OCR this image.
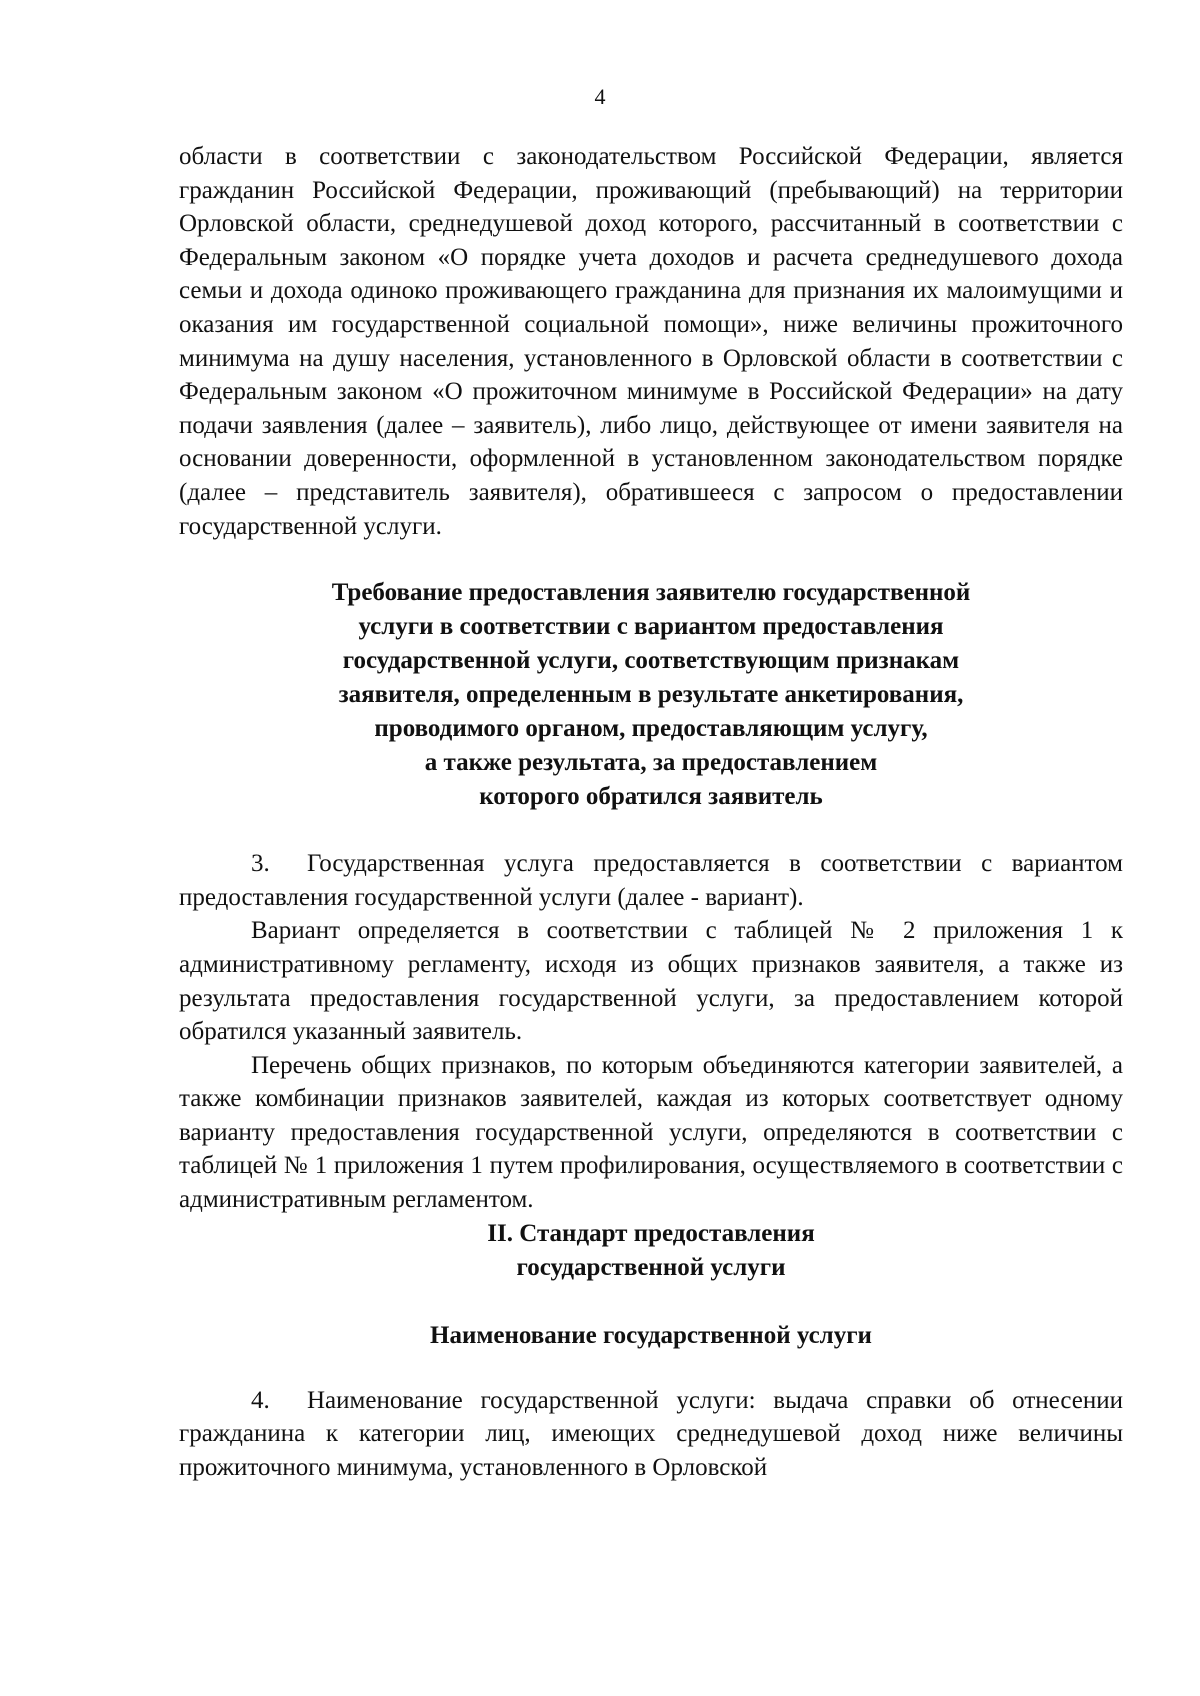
4

области в соответствии с законодательством Российской Федерации, является гражданин Российской Федерации, проживающий (пребывающий) на территории Орловской области, среднедушевой доход которого, рассчитанный в соответствии с Федеральным законом «О порядке учета доходов и расчета среднедушевого дохода семьи и дохода одиноко проживающего гражданина для признания их малоимущими и оказания им государственной социальной помощи», ниже величины прожиточного минимума на душу населения, установленного в Орловской области в соответствии с Федеральным законом «О прожиточном минимуме в Российской Федерации» на дату подачи заявления (далее – заявитель), либо лицо, действующее от имени заявителя на основании доверенности, оформленной в установленном законодательством порядке (далее – представитель заявителя), обратившееся с запросом о предоставлении государственной услуги.

Требование предоставления заявителю государственной
услуги в соответствии с вариантом предоставления
государственной услуги, соответствующим признакам
заявителя, определенным в результате анкетирования,
проводимого органом, предоставляющим услугу,
а также результата, за предоставлением
которого обратился заявитель

3. Государственная услуга предоставляется в соответствии с вариантом предоставления государственной услуги (далее - вариант).

Вариант определяется в соответствии с таблицей № 2 приложения 1 к административному регламенту, исходя из общих признаков заявителя, а также из результата предоставления государственной услуги, за предоставлением которой обратился указанный заявитель.

Перечень общих признаков, по которым объединяются категории заявителей, а также комбинации признаков заявителей, каждая из которых соответствует одному варианту предоставления государственной услуги, определяются в соответствии с таблицей № 1 приложения 1 путем профилирования, осуществляемого в соответствии с административным регламентом.

II. Стандарт предоставления
государственной услуги
Наименование государственной услуги

4. Наименование государственной услуги: выдача справки об отнесении гражданина к категории лиц, имеющих среднедушевой доход ниже величины прожиточного минимума, установленного в Орловской
